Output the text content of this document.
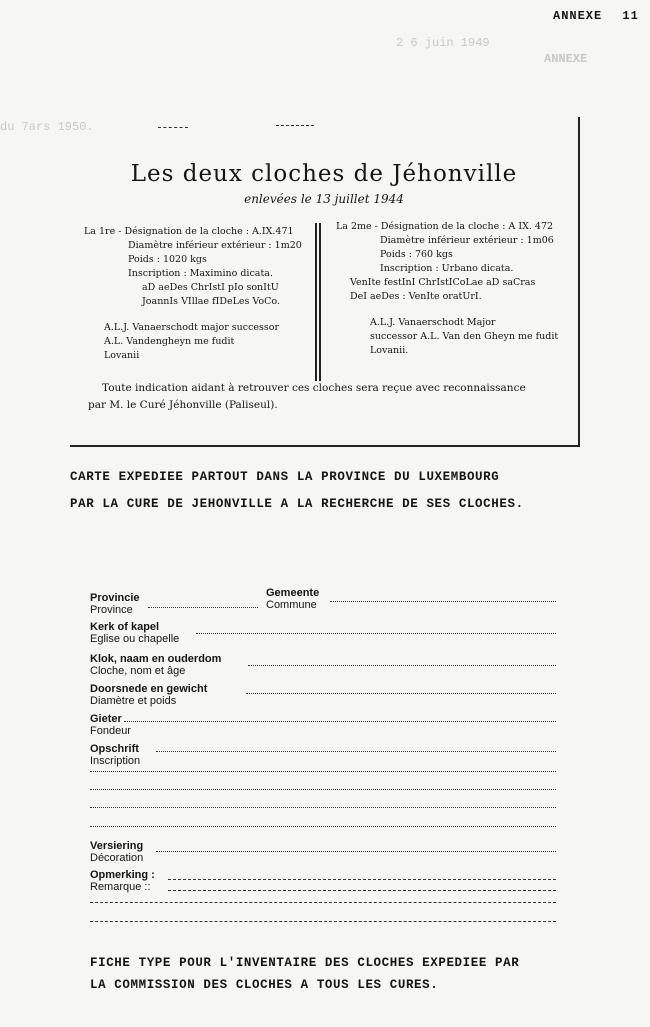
ANNEXE 11
2 6 juin 1949
ANNEXE
du 7ars 1950.
Les deux cloches de Jéhonville
enlevées le 13 juillet 1944
La 1re - Désignation de la cloche : A.IX.471
Diamètre inférieur extérieur : 1m20
Poids : 1020 kgs
Inscription : Maximino dicata.
aD aeDes ChrIstI pIo sonItU
JoannIs VIllae fIDeLes VoCo.
A.L.J. Vanaerschodt major successor
A.L. Vandengheyn me fudit
Lovanii
La 2me - Désignation de la cloche : A IX. 472
Diamètre inférieur extérieur : 1m06
Poids : 760 kgs
Inscription : Urbano dicata.
VenIte festInI ChrIstICoLae aD saCras
DeI aeDes : VenIte oratUrI.
A.L.J. Vanaerschodt Major
successor A.L. Van den Gheyn me fudit
Lovanii.
Toute indication aidant à retrouver ces cloches sera reçue avec reconnaissance
par M. le Curé Jéhonville (Paliseul).
CARTE EXPEDIEE PARTOUT DANS LA PROVINCE DU LUXEMBOURG
PAR LA CURE DE JEHONVILLE A LA RECHERCHE DE SES CLOCHES.
Provincie
Province
Gemeente
Commune
Kerk of kapel
Eglise ou chapelle
Klok, naam en ouderdom
Cloche, nom et âge
Doorsnede en gewicht
Diamètre et poids
Gieter
Fondeur
Opschrift
Inscription
Versiering
Décoration
Opmerking :
Remarque ::
FICHE TYPE POUR L'INVENTAIRE DES CLOCHES EXPEDIEE PAR
LA COMMISSION DES CLOCHES A TOUS LES CURES.
